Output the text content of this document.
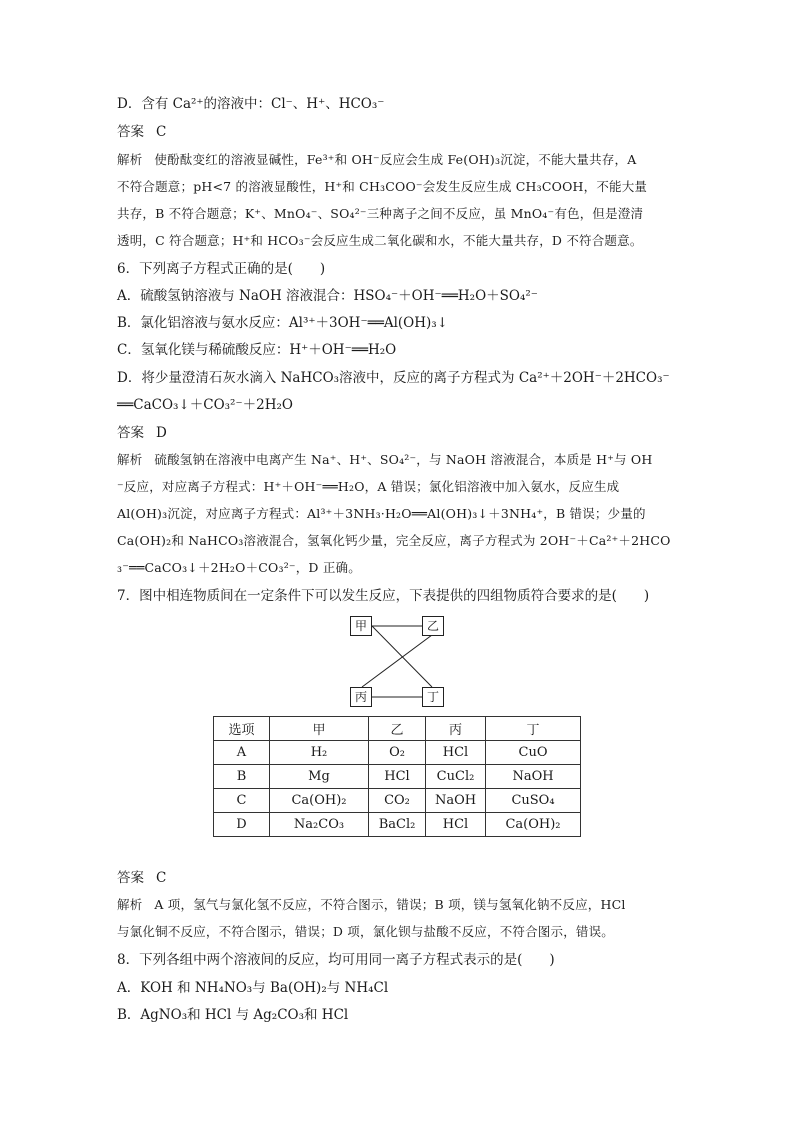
D．含有 Ca²⁺的溶液中：Cl⁻、H⁺、HCO₃⁻
答案 C
解析 使酚酞变红的溶液显碱性，Fe³⁺和 OH⁻反应会生成 Fe(OH)₃沉淀，不能大量共存，A
不符合题意；pH<7 的溶液显酸性，H⁺和 CH₃COO⁻会发生反应生成 CH₃COOH，不能大量
共存，B 不符合题意；K⁺、MnO₄⁻、SO₄²⁻三种离子之间不反应，虽 MnO₄⁻有色，但是澄清
透明，C 符合题意；H⁺和 HCO₃⁻会反应生成二氧化碳和水，不能大量共存，D 不符合题意。
6．下列离子方程式正确的是(　　)
A．硫酸氢钠溶液与 NaOH 溶液混合：HSO₄⁻＋OH⁻══H₂O＋SO₄²⁻
B．氯化铝溶液与氨水反应：Al³⁺＋3OH⁻══Al(OH)₃↓
C．氢氧化镁与稀硫酸反应：H⁺＋OH⁻══H₂O
D．将少量澄清石灰水滴入 NaHCO₃溶液中，反应的离子方程式为 Ca²⁺＋2OH⁻＋2HCO₃⁻
══CaCO₃↓＋CO₃²⁻＋2H₂O
答案 D
解析 硫酸氢钠在溶液中电离产生 Na⁺、H⁺、SO₄²⁻，与 NaOH 溶液混合，本质是 H⁺与 OH
⁻反应，对应离子方程式：H⁺＋OH⁻══H₂O，A 错误；氯化铝溶液中加入氨水，反应生成
Al(OH)₃沉淀，对应离子方程式：Al³⁺＋3NH₃·H₂O══Al(OH)₃↓＋3NH₄⁺，B 错误；少量的
Ca(OH)₂和 NaHCO₃溶液混合，氢氧化钙少量，完全反应，离子方程式为 2OH⁻＋Ca²⁺＋2HCO
₃⁻══CaCO₃↓＋2H₂O＋CO₃²⁻，D 正确。
7．图中相连物质间在一定条件下可以发生反应，下表提供的四组物质符合要求的是(　　)
甲	乙
丙	丁
选项	甲	乙	丙	丁
A	H₂	O₂	HCl	CuO
B	Mg	HCl	CuCl₂	NaOH
C	Ca(OH)₂	CO₂	NaOH	CuSO₄
D	Na₂CO₃	BaCl₂	HCl	Ca(OH)₂
答案 C
解析 A 项，氢气与氯化氢不反应，不符合图示，错误；B 项，镁与氢氧化钠不反应，HCl
与氯化铜不反应，不符合图示，错误；D 项，氯化钡与盐酸不反应，不符合图示，错误。
8．下列各组中两个溶液间的反应，均可用同一离子方程式表示的是(　　)
A．KOH 和 NH₄NO₃与 Ba(OH)₂与 NH₄Cl
B．AgNO₃和 HCl 与 Ag₂CO₃和 HCl
